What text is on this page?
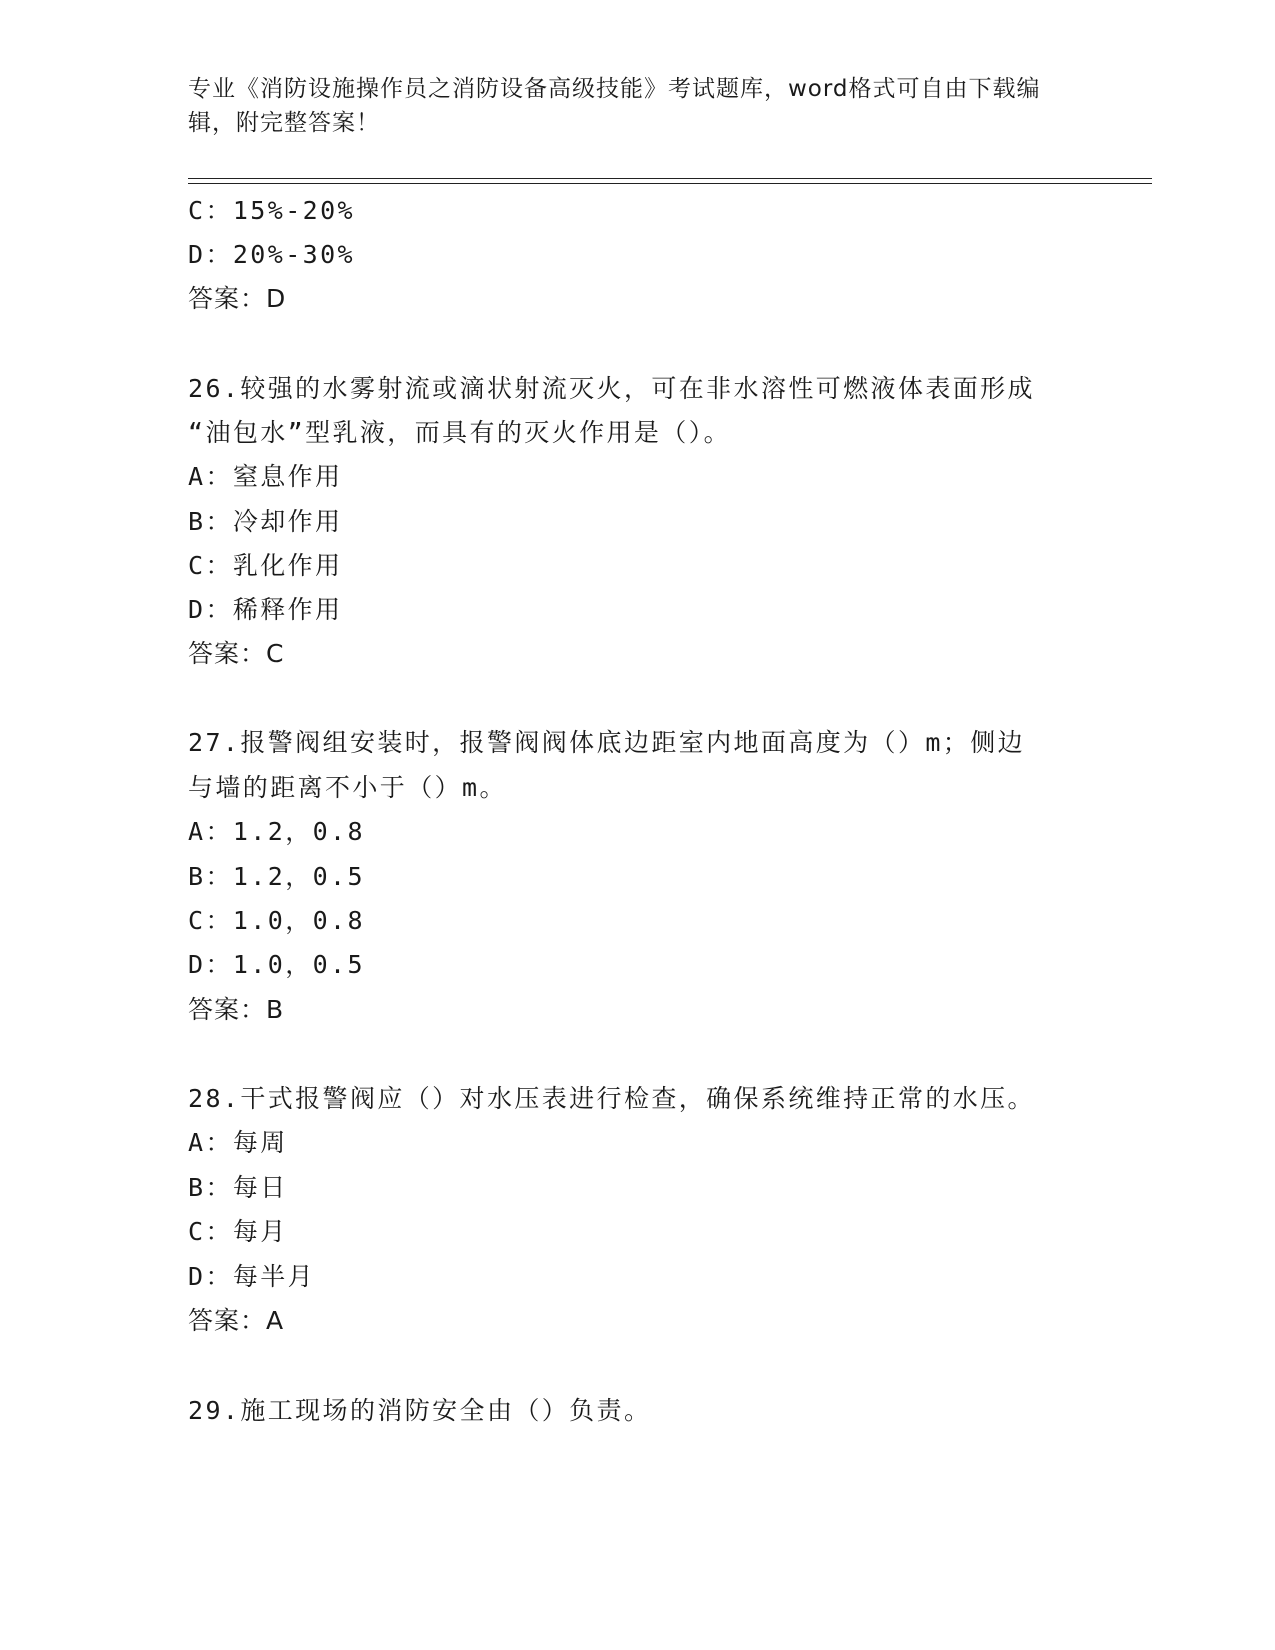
专业《消防设施操作员之消防设备高级技能》考试题库，word格式可自由下载编
辑，附完整答案！
C：15%-20%
D：20%-30%
答案：D
26.较强的水雾射流或滴状射流灭火，可在非水溶性可燃液体表面形成
“油包水”型乳液，而具有的灭火作用是（）。
A：窒息作用
B：冷却作用
C：乳化作用
D：稀释作用
答案：C
27.报警阀组安装时，报警阀阀体底边距室内地面高度为（）m；侧边
与墙的距离不小于（）m。
A：1.2，0.8
B：1.2，0.5
C：1.0，0.8
D：1.0，0.5
答案：B
28.干式报警阀应（）对水压表进行检查，确保系统维持正常的水压。
A：每周
B：每日
C：每月
D：每半月
答案：A
29.施工现场的消防安全由（）负责。
